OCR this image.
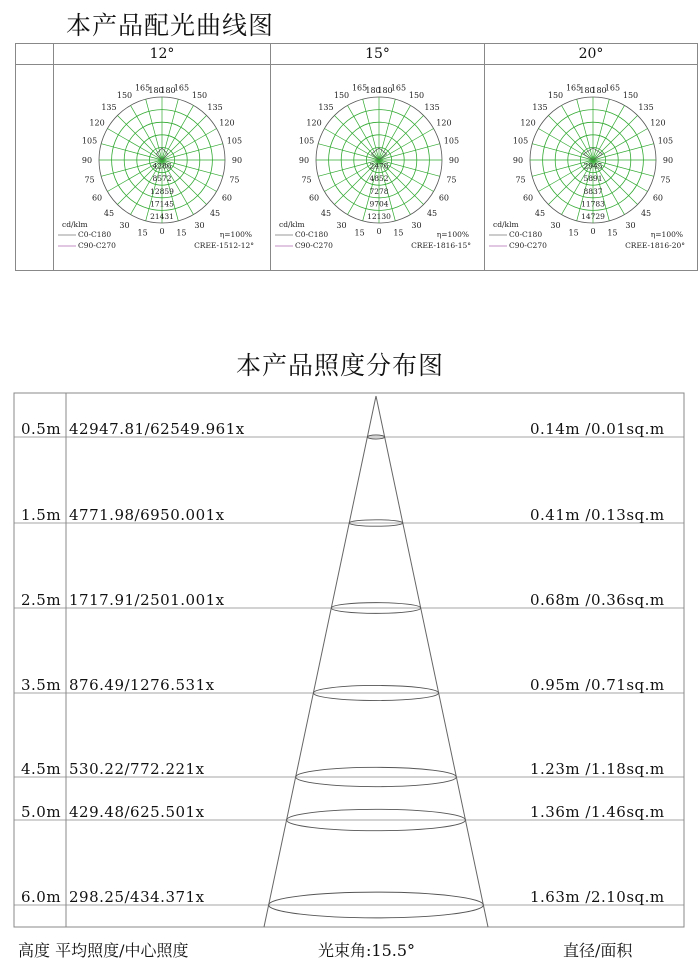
本产品配光曲线图
12°	15°	20°
0
15	15
30	30
45	45
60	60
75	75
90	90
105	105
120	120
135	135
150	150
165	165
180
180
4286
8572
12859
17145
21431
cd/klm
C0-C180
C90-C270
η=100%
CREE-1512-12°
0
15	15
30	30
45	45
60	60
75	75
90	90
105	105
120	120
135	135
150	150
165	165
180
180
2476
4852
7278
9704
12130
cd/klm
C0-C180
C90-C270
η=100%
CREE-1816-15°
0
15	15
30	30
45	45
60	60
75	75
90	90
105	105
120	120
135	135
150	150
165	165
180
180
2945
5891
8837
11783
14729
cd/klm
C0-C180
C90-C270
η=100%
CREE-1816-20°
本产品照度分布图
0.5m 42947.81/62549.961x	0.14m /0.01sq.m
1.5m 4771.98/6950.001x	0.41m /0.13sq.m
2.5m 1717.91/2501.001x	0.68m /0.36sq.m
3.5m 876.49/1276.531x	0.95m /0.71sq.m
4.5m 530.22/772.221x	1.23m /1.18sq.m
5.0m 429.48/625.501x	1.36m /1.46sq.m
6.0m 298.25/434.371x	1.63m /2.10sq.m
高度 平均照度/中心照度	光束角:15.5°	直径/面积
